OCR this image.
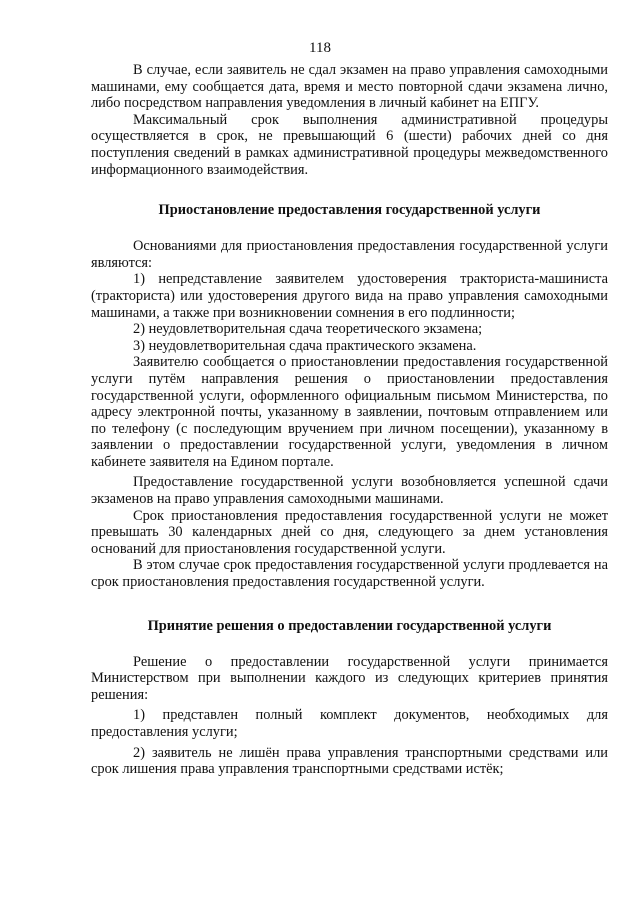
118

В случае, если заявитель не сдал экзамен на право управления самоходными машинами, ему сообщается дата, время и место повторной сдачи экзамена лично, либо посредством направления уведомления в личный кабинет на ЕПГУ.

Максимальный срок выполнения административной процедуры осуществляется в срок, не превышающий 6 (шести) рабочих дней со дня поступления сведений в рамках административной процедуры межведомственного информационного взаимодействия.

Приостановление предоставления государственной услуги

Основаниями для приостановления предоставления государственной услуги являются:

1) непредставление заявителем удостоверения тракториста-машиниста (тракториста) или удостоверения другого вида на право управления самоходными машинами, а также при возникновении сомнения в его подлинности;

2) неудовлетворительная сдача теоретического экзамена;

3) неудовлетворительная сдача практического экзамена.

Заявителю сообщается о приостановлении предоставления государственной услуги путём направления решения о приостановлении предоставления государственной услуги, оформленного официальным письмом Министерства, по адресу электронной почты, указанному в заявлении, почтовым отправлением или по телефону (с последующим вручением при личном посещении), указанному в заявлении о предоставлении государственной услуги, уведомления в личном кабинете заявителя на Едином портале.

Предоставление государственной услуги возобновляется успешной сдачи экзаменов на право управления самоходными машинами.

Срок приостановления предоставления государственной услуги не может превышать 30 календарных дней со дня, следующего за днем установления оснований для приостановления государственной услуги.

В этом случае срок предоставления государственной услуги продлевается на срок приостановления предоставления государственной услуги.

Принятие решения о предоставлении государственной услуги

Решение о предоставлении государственной услуги принимается Министерством при выполнении каждого из следующих критериев принятия решения:

1) представлен полный комплект документов, необходимых для предоставления услуги;

2) заявитель не лишён права управления транспортными средствами или срок лишения права управления транспортными средствами истёк;
